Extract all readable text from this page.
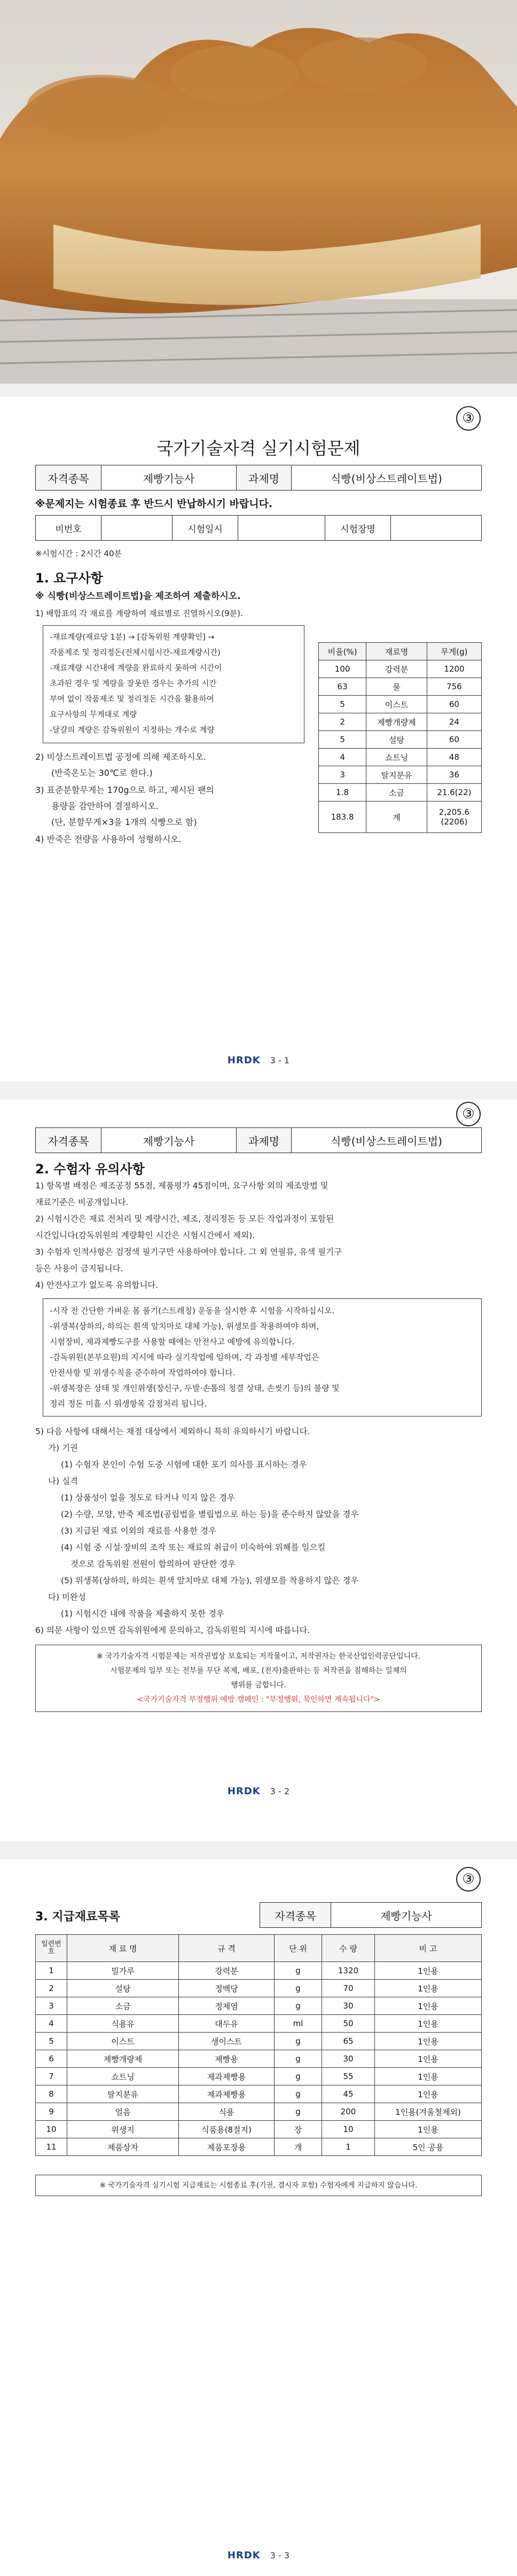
③
국가기술자격 실기시험문제
자격종목	제빵기능사	과제명	식빵(비상스트레이트법)
※문제지는 시험종료 후 반드시 반납하시기 바랍니다.
비번호		시험일시		시험장명	
※시험시간 : 2시간 40분
1. 요구사항
※ 식빵(비상스트레이트법)을 제조하여 제출하시오.
1) 배합표의 각 재료를 계량하여 재료별로 진열하시오(9분).
-재료계량(재료당 1분) → [감독위원 계량확인] →
작품제조 및 정리정돈(전체시험시간-재료계량시간)
-재료계량 시간내에 계량을 완료하지 못하여 시간이
초과된 경우 및 계량을 잘못한 경우는 추가의 시간
부여 없이 작품제조 및 정리정돈 시간을 활용하여
요구사항의 무게대로 계량
-달걀의 계량은 감독위원이 지정하는 개수로 계량
2) 비상스트레이트법 공정에 의해 제조하시오.
(반죽온도는 30℃로 한다.)
3) 표준분할무게는 170g으로 하고, 제시된 팬의
용량을 감안하여 결정하시오.
(단, 분할무게×3을 1개의 식빵으로 함)
4) 반죽은 전량을 사용하여 성형하시오.
비율(%)	재료명	무게(g)
100	강력분	1200
63	물	756
5	이스트	60
2	제빵개량제	24
5	설탕	60
4	쇼트닝	48
3	탈지분유	36
1.8	소금	21.6(22)
183.8	계	2,205.6
(2206)
HRDK 3 - 1
③
자격종목	제빵기능사	과제명	식빵(비상스트레이트법)
2. 수험자 유의사항
1) 항목별 배점은 제조공정 55점, 제품평가 45점이며, 요구사항 외의 제조방법 및
재료기준은 비공개입니다.
2) 시험시간은 재료 전처리 및 계량시간, 제조, 정리정돈 등 모든 작업과정이 포함된
시간입니다(감독위원의 계량확인 시간은 시험시간에서 제외).
3) 수험자 인적사항은 검정색 필기구만 사용하여야 합니다. 그 외 연필류, 유색 필기구
등은 사용이 금지됩니다.
4) 안전사고가 없도록 유의합니다.
-시작 전 간단한 가벼운 몸 풀기(스트레칭) 운동을 실시한 후 시험을 시작하십시오.
-위생복(상하의, 하의는 흰색 앞치마로 대체 가능), 위생모를 착용하여야 하며,
시험장비, 제과제빵도구를 사용할 때에는 안전사고 예방에 유의합니다.
-감독위원(본부요원)의 지시에 따라 실기작업에 임하며, 각 과정별 세부작업은
안전사항 및 위생수칙을 준수하여 작업하여야 합니다.
-위생복장은 상태 및 개인위생(장신구, 두발·손톱의 청결 상태, 손씻기 등)의 불량 및
정리 정돈 미흡 시 위생항목 감점처리 됩니다.
5) 다음 사항에 대해서는 채점 대상에서 제외하니 특히 유의하시기 바랍니다.
가) 기권
(1) 수험자 본인이 수험 도중 시험에 대한 포기 의사를 표시하는 경우
나) 실격
(1) 상품성이 없을 정도로 타거나 익지 않은 경우
(2) 수량, 모양, 반죽 제조법(공립법을 별립법으로 하는 등)을 준수하지 않았을 경우
(3) 지급된 재료 이외의 재료를 사용한 경우
(4) 시험 중 시설·장비의 조작 또는 재료의 취급이 미숙하여 위해를 일으킬
것으로 감독위원 전원이 합의하여 판단한 경우
(5) 위생복(상하의, 하의는 흰색 앞치마로 대체 가능), 위생모를 착용하지 않은 경우
다) 미완성
(1) 시험시간 내에 작품을 제출하지 못한 경우
6) 의문 사항이 있으면 감독위원에게 문의하고, 감독위원의 지시에 따릅니다.
※ 국가기술자격 시험문제는 저작권법상 보호되는 저작물이고, 저작권자는 한국산업인력공단입니다.
시험문제의 일부 또는 전부를 무단 복제, 배포, (전자)출판하는 등 저작권을 침해하는 일체의
행위를 금합니다.
<국가기술자격 부정행위 예방 캠페인 : "부정행위, 묵인하면 계속됩니다">
HRDK 3 - 2
③
3. 지급재료목록	자격종목	제빵기능사
일련번호	재 료 명	규 격	단 위	수 량	비 고
1	밀가루	강력분	g	1320	1인용
2	설탕	정백당	g	70	1인용
3	소금	정제염	g	30	1인용
4	식용유	대두유	ml	50	1인용
5	이스트	생이스트	g	65	1인용
6	제빵개량제	제빵용	g	30	1인용
7	쇼트닝	제과제빵용	g	55	1인용
8	탈지분유	제과제빵용	g	45	1인용
9	얼음	식용	g	200	1인용(겨울철제외)
10	위생지	식품용(8절지)	장	10	1인용
11	제품상자	제품포장용	개	1	5인 공용
※ 국가기술자격 실기시험 지급재료는 시험종료 후(기권, 결시자 포함) 수험자에게 지급하지 않습니다.
HRDK 3 - 3
